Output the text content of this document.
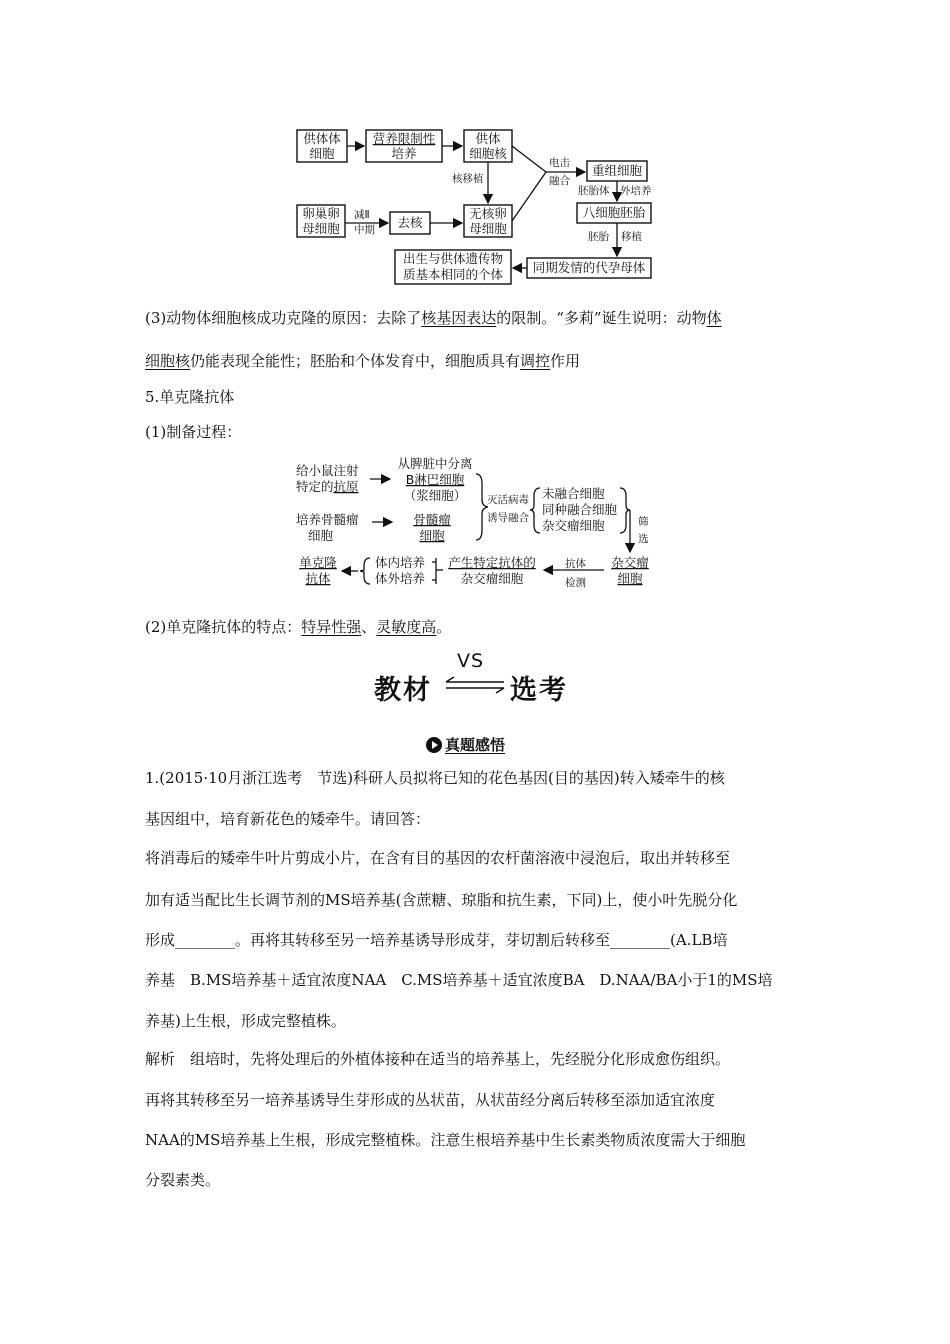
供体体
细胞
营养限制性
培养
供体
细胞核
核移植
卵巢卵
母细胞
减Ⅱ
中期 去核
无核卵
母细胞
电击
融合
重组细胞
胚胎体 外培养
八细胞胚胎
胚胎 移植
同期发情的代孕母体
出生与供体遗传物
质基本相同的个体
(3)动物体细胞核成功克隆的原因：去除了核基因表达的限制。“多莉”诞生说明：动物体
细胞核仍能表现全能性；胚胎和个体发育中，细胞质具有调控作用
5.单克隆抗体
(1)制备过程：
给小鼠注射
特定的抗原
从脾脏中分离
B淋巴细胞
（浆细胞）
培养骨髓瘤
细胞
骨髓瘤
细胞
灭活病毒
诱导融合
未融合细胞
同种融合细胞
杂交瘤细胞	筛
选
杂交瘤
细胞
抗体
检测
产生特定抗体的
杂交瘤细胞
体内培养
体外培养
单克隆
抗体
(2)单克隆抗体的特点：特异性强、灵敏度高。
教材
VS
选考
真题感悟
1.(2015·10月浙江选考　节选)科研人员拟将已知的花色基因(目的基因)转入矮牵牛的核
基因组中，培育新花色的矮牵牛。请回答：
将消毒后的矮牵牛叶片剪成小片，在含有目的基因的农杆菌溶液中浸泡后，取出并转移至
加有适当配比生长调节剂的MS培养基(含蔗糖、琼脂和抗生素，下同)上，使小叶先脱分化
形成________。再将其转移至另一培养基诱导形成芽，芽切割后转移至________(A.LB培
养基　B.MS培养基＋适宜浓度NAA　C.MS培养基＋适宜浓度BA　D.NAA/BA小于1的MS培
养基)上生根，形成完整植株。
解析　组培时，先将处理后的外植体接种在适当的培养基上，先经脱分化形成愈伤组织。
再将其转移至另一培养基诱导生芽形成的丛状苗，从状苗经分离后转移至添加适宜浓度
NAA的MS培养基上生根，形成完整植株。注意生根培养基中生长素类物质浓度需大于细胞
分裂素类。
